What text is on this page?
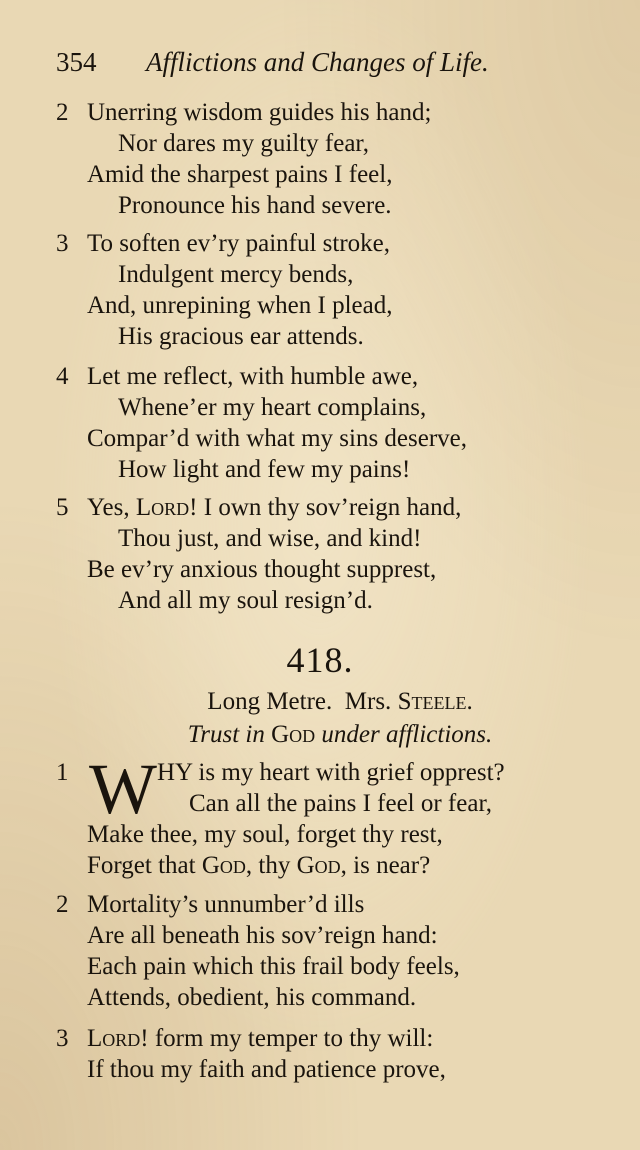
354 Afflictions and Changes of Life.
2 Unerring wisdom guides his hand;
Nor dares my guilty fear,
Amid the sharpest pains I feel,
Pronounce his hand severe.
3 To soften ev’ry painful stroke,
Indulgent mercy bends,
And, unrepining when I plead,
His gracious ear attends.
4 Let me reflect, with humble awe,
Whene’er my heart complains,
Compar’d with what my sins deserve,
How light and few my pains!
5 Yes, Lord! I own thy sov’reign hand,
Thou just, and wise, and kind!
Be ev’ry anxious thought supprest,
And all my soul resign’d.
418.
Long Metre. Mrs. Steele.
Trust in God under afflictions.
1 W HY is my heart with grief opprest?
Can all the pains I feel or fear,
Make thee, my soul, forget thy rest,
Forget that God, thy God, is near?
2 Mortality’s unnumber’d ills
Are all beneath his sov’reign hand:
Each pain which this frail body feels,
Attends, obedient, his command.
3 Lord! form my temper to thy will:
If thou my faith and patience prove,
